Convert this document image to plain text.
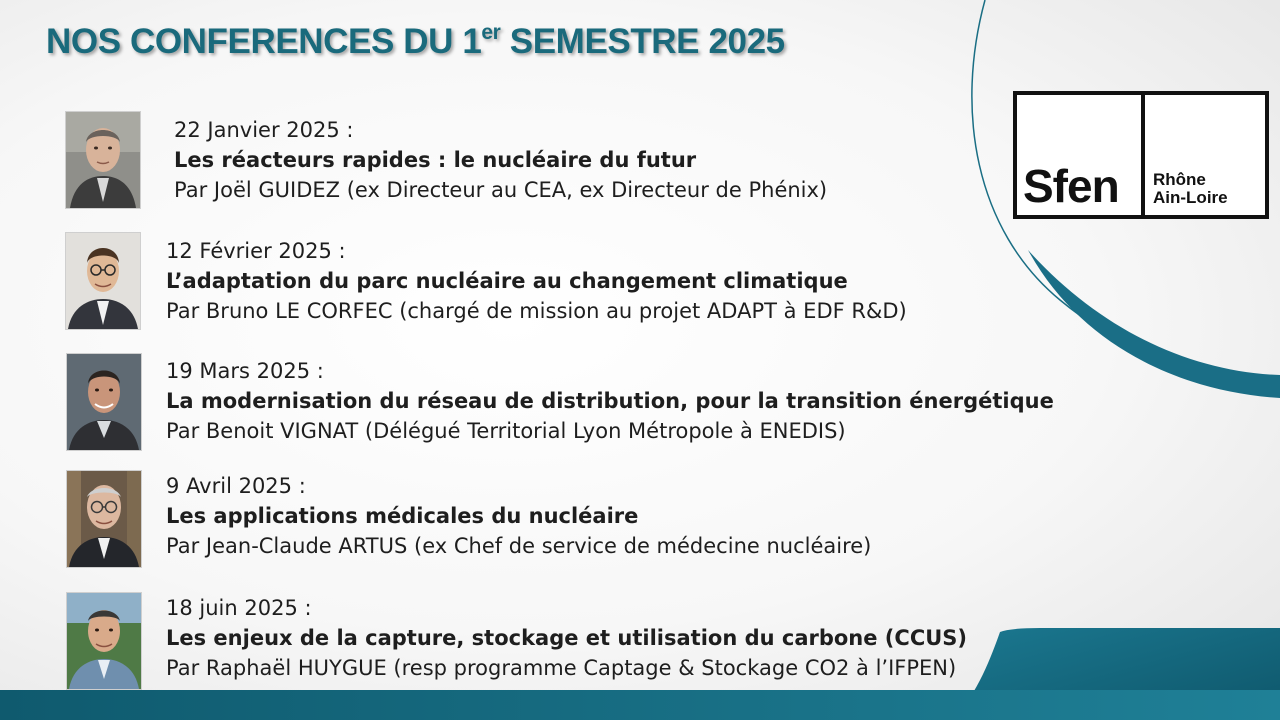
NOS CONFERENCES DU 1er SEMESTRE 2025
Sfen Rhône
Ain-Loire
22 Janvier 2025 :
Les réacteurs rapides : le nucléaire du futur
Par Joël GUIDEZ (ex Directeur au CEA, ex Directeur de Phénix)
12 Février 2025 :
L’adaptation du parc nucléaire au changement climatique
Par Bruno LE CORFEC (chargé de mission au projet ADAPT à EDF R&D)
19 Mars 2025 :
La modernisation du réseau de distribution, pour la transition énergétique
Par Benoit VIGNAT (Délégué Territorial Lyon Métropole à ENEDIS)
9 Avril 2025 :
Les applications médicales du nucléaire
Par Jean-Claude ARTUS (ex Chef de service de médecine nucléaire)
18 juin 2025 :
Les enjeux de la capture, stockage et utilisation du carbone (CCUS)
Par Raphaël HUYGUE (resp programme Captage & Stockage CO2 à l’IFPEN)
